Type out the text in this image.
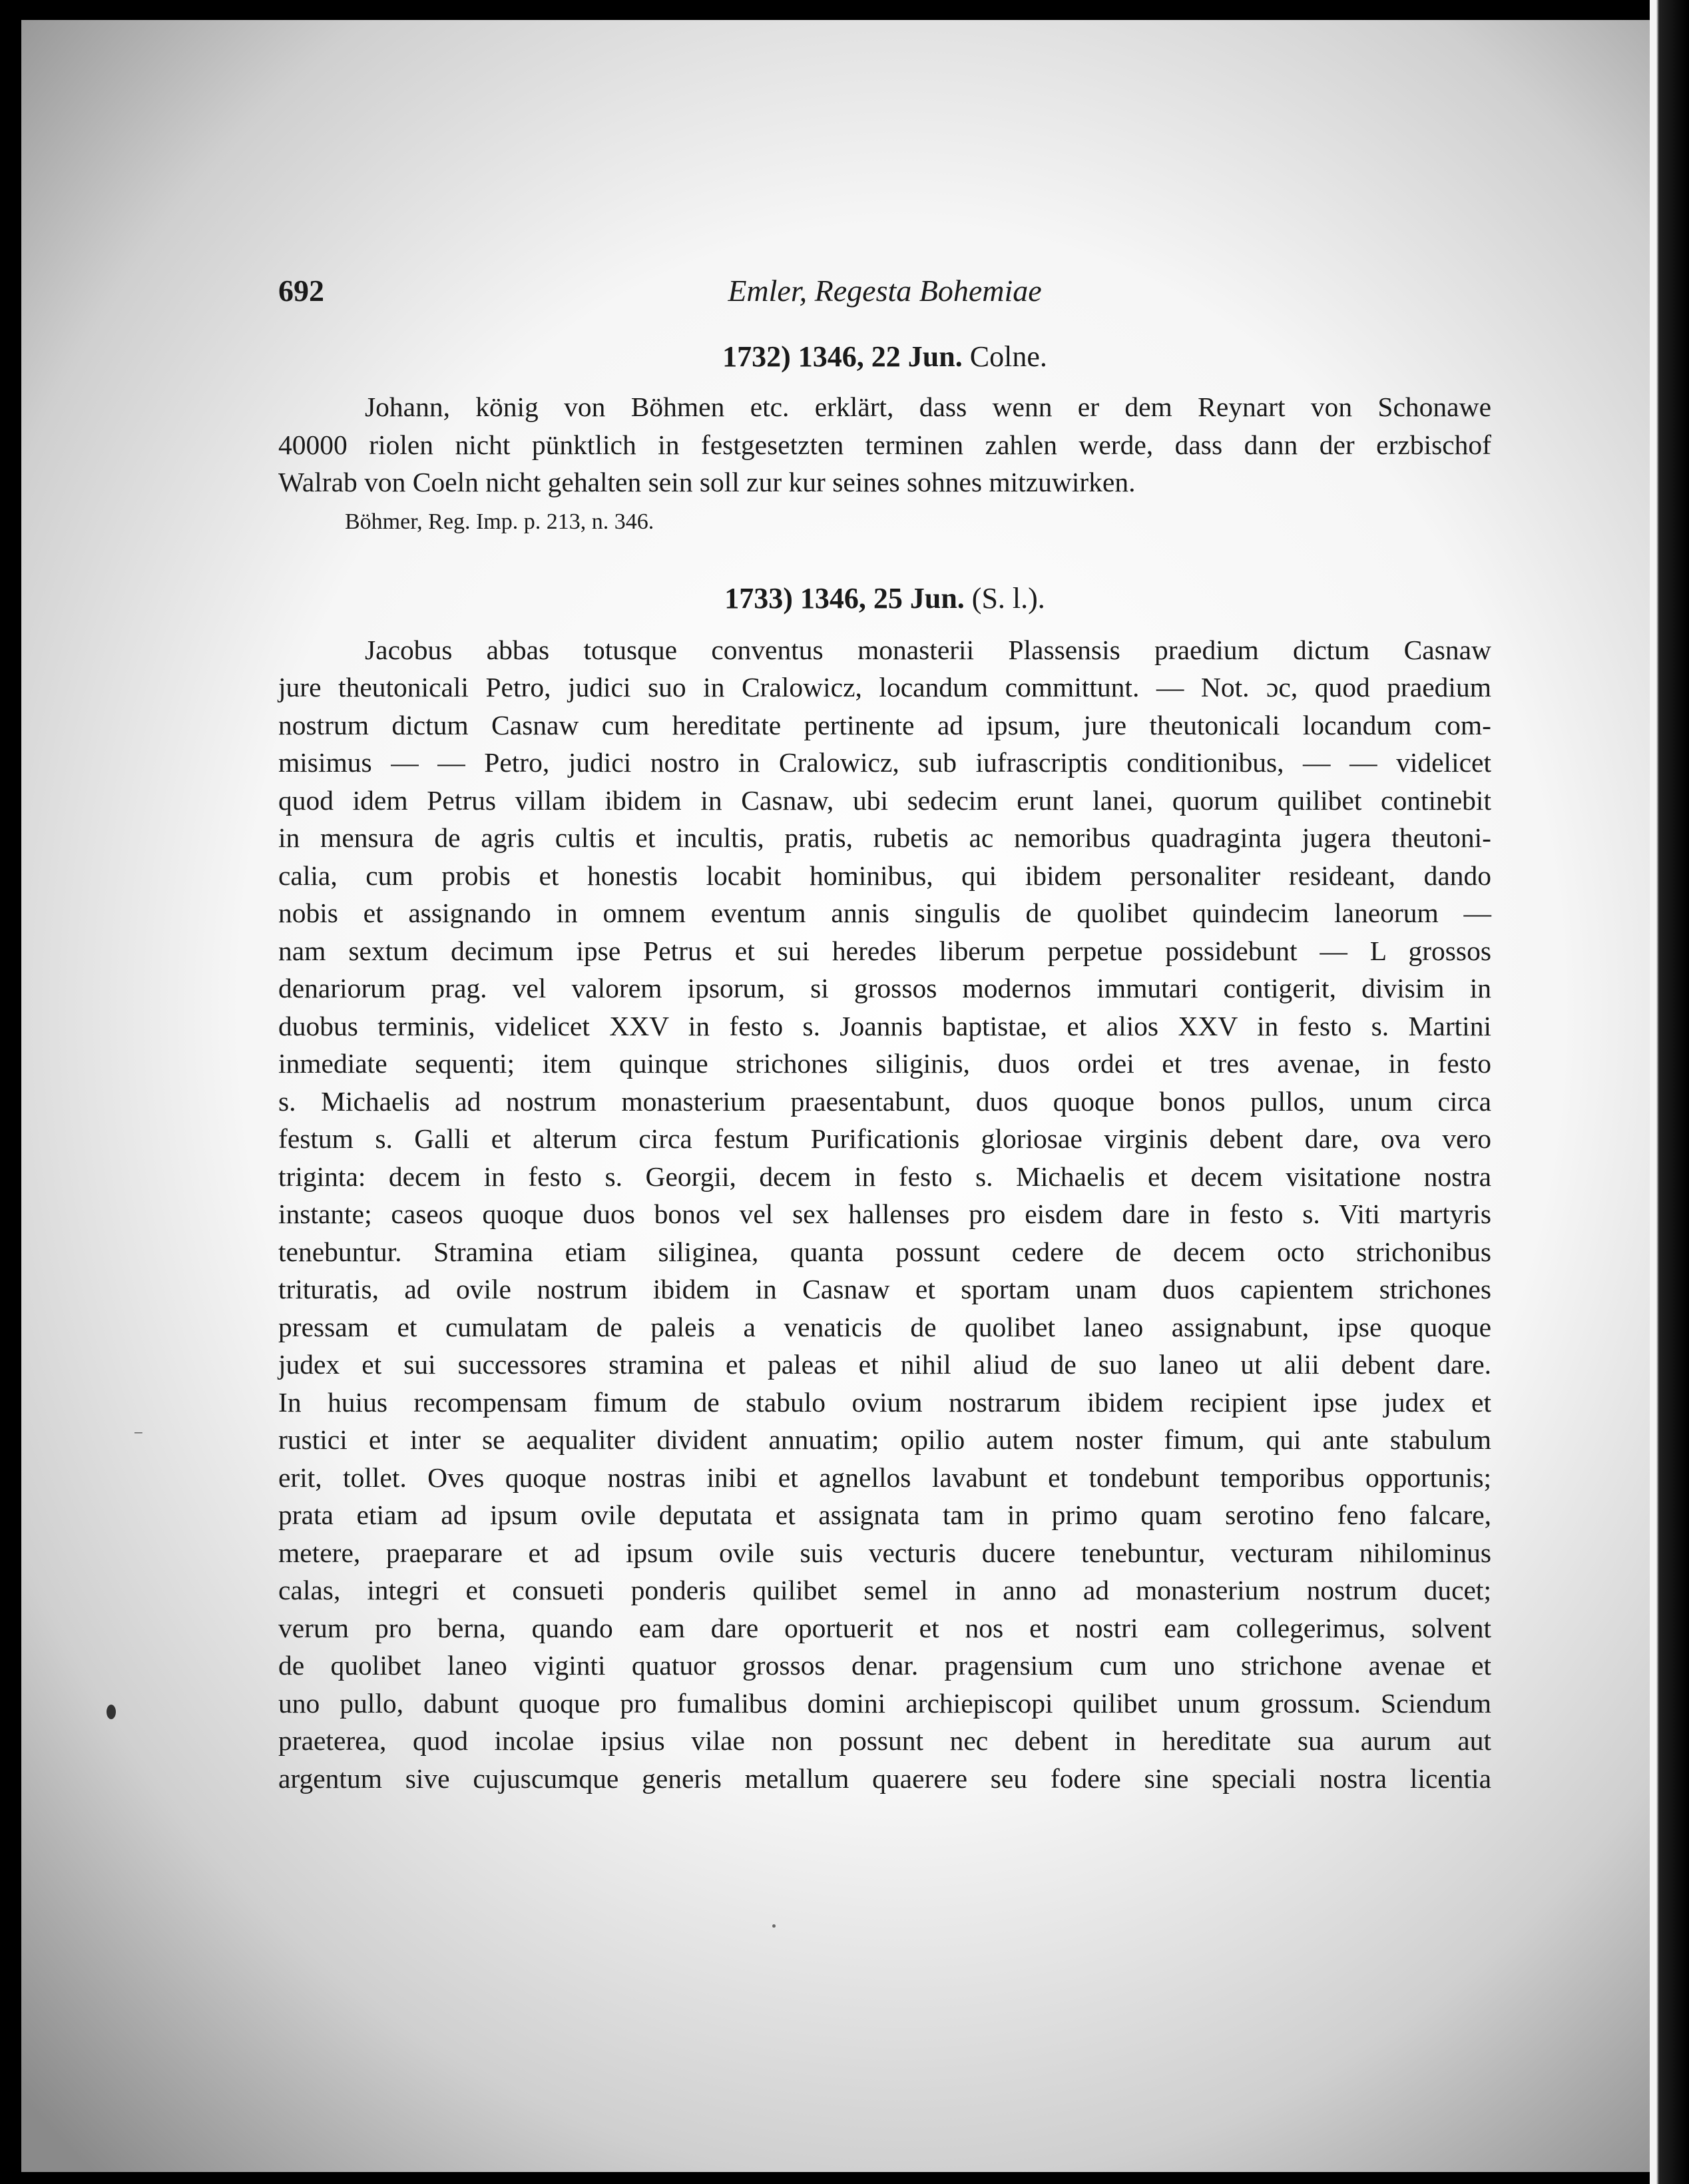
692	Emler, Regesta Bohemiae
1732) 1346, 22 Jun. Colne.
Johann, könig von Böhmen etc. erklärt, dass wenn er dem Reynart von Schonawe
40000 riolen nicht pünktlich in festgesetzten terminen zahlen werde, dass dann der erzbischof
Walrab von Coeln nicht gehalten sein soll zur kur seines sohnes mitzuwirken.
Böhmer, Reg. Imp. p. 213, n. 346.
1733) 1346, 25 Jun. (S. l.).
Jacobus abbas totusque conventus monasterii Plassensis praedium dictum Casnaw
jure theutonicali Petro, judici suo in Cralowicz, locandum committunt. — Not. ɔc, quod praedium
nostrum dictum Casnaw cum hereditate pertinente ad ipsum, jure theutonicali locandum com-
misimus — — Petro, judici nostro in Cralowicz, sub iufrascriptis conditionibus, — — videlicet
quod idem Petrus villam ibidem in Casnaw, ubi sedecim erunt lanei, quorum quilibet continebit
in mensura de agris cultis et incultis, pratis, rubetis ac nemoribus quadraginta jugera theutoni-
calia, cum probis et honestis locabit hominibus, qui ibidem personaliter resideant, dando
nobis et assignando in omnem eventum annis singulis de quolibet quindecim laneorum —
nam sextum decimum ipse Petrus et sui heredes liberum perpetue possidebunt — L grossos
denariorum prag. vel valorem ipsorum, si grossos modernos immutari contigerit, divisim in
duobus terminis, videlicet XXV in festo s. Joannis baptistae, et alios XXV in festo s. Martini
inmediate sequenti; item quinque strichones siliginis, duos ordei et tres avenae, in festo
s. Michaelis ad nostrum monasterium praesentabunt, duos quoque bonos pullos, unum circa
festum s. Galli et alterum circa festum Purificationis gloriosae virginis debent dare, ova vero
triginta: decem in festo s. Georgii, decem in festo s. Michaelis et decem visitatione nostra
instante; caseos quoque duos bonos vel sex hallenses pro eisdem dare in festo s. Viti martyris
tenebuntur. Stramina etiam siliginea, quanta possunt cedere de decem octo strichonibus
trituratis, ad ovile nostrum ibidem in Casnaw et sportam unam duos capientem strichones
pressam et cumulatam de paleis a venaticis de quolibet laneo assignabunt, ipse quoque
judex et sui successores stramina et paleas et nihil aliud de suo laneo ut alii debent dare.
In huius recompensam fimum de stabulo ovium nostrarum ibidem recipient ipse judex et
rustici et inter se aequaliter divident annuatim; opilio autem noster fimum, qui ante stabulum
erit, tollet. Oves quoque nostras inibi et agnellos lavabunt et tondebunt temporibus opportunis;
prata etiam ad ipsum ovile deputata et assignata tam in primo quam serotino feno falcare,
metere, praeparare et ad ipsum ovile suis vecturis ducere tenebuntur, vecturam nihilominus
calas, integri et consueti ponderis quilibet semel in anno ad monasterium nostrum ducet;
verum pro berna, quando eam dare oportuerit et nos et nostri eam collegerimus, solvent
de quolibet laneo viginti quatuor grossos denar. pragensium cum uno strichone avenae et
uno pullo, dabunt quoque pro fumalibus domini archiepiscopi quilibet unum grossum. Sciendum
praeterea, quod incolae ipsius vilae non possunt nec debent in hereditate sua aurum aut
argentum sive cujuscumque generis metallum quaerere seu fodere sine speciali nostra licentia
⁻
